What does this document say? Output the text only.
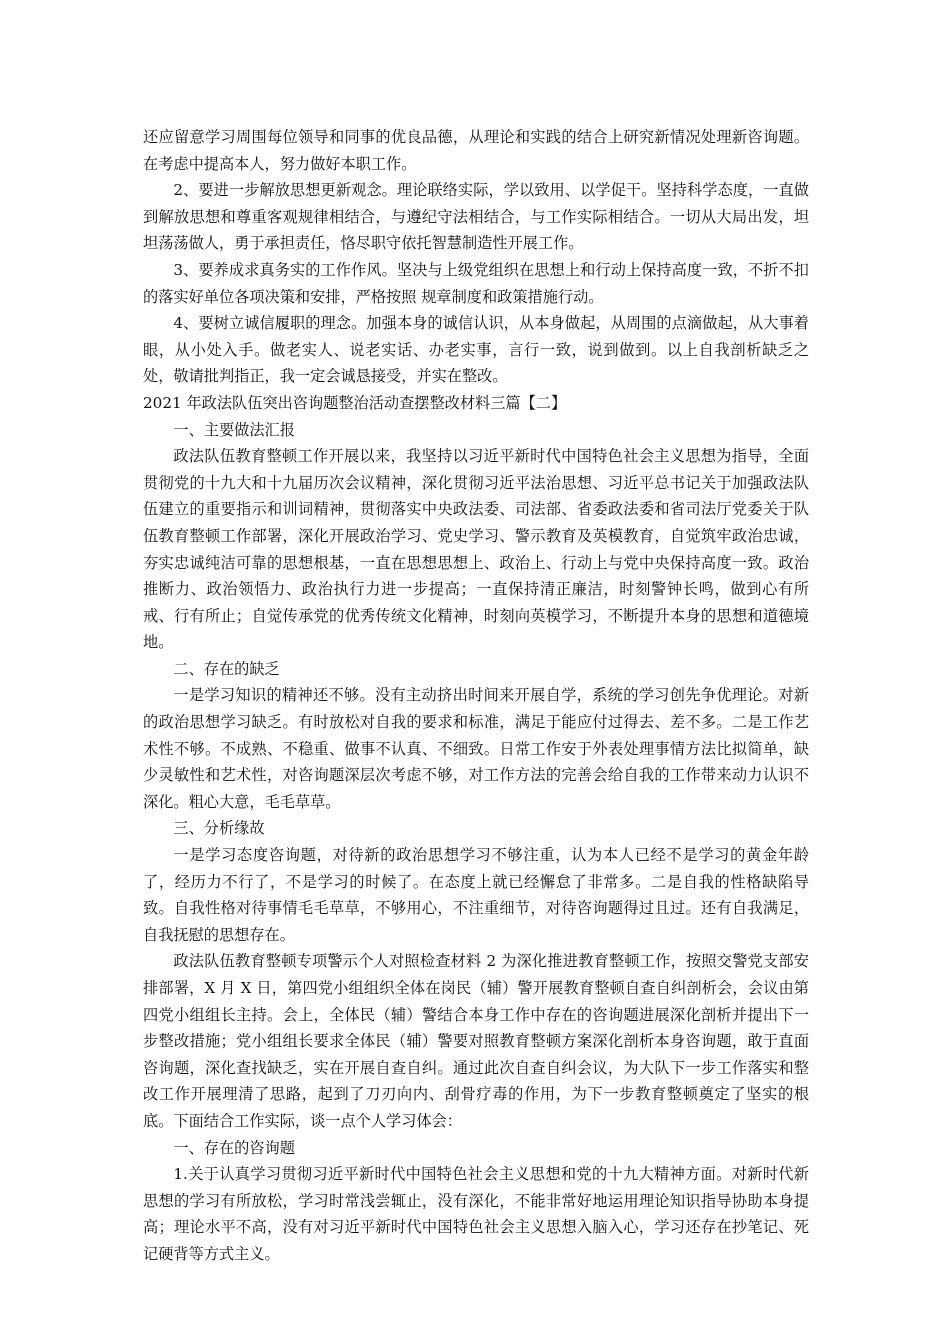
还应留意学习周围每位领导和同事的优良品德，从理论和实践的结合上研究新情况处理新咨询题。在考虑中提高本人，努力做好本职工作。

2、要进一步解放思想更新观念。理论联络实际，学以致用、以学促干。坚持科学态度，一直做到解放思想和尊重客观规律相结合，与遵纪守法相结合，与工作实际相结合。一切从大局出发，坦坦荡荡做人，勇于承担责任，恪尽职守依托智慧制造性开展工作。

3、要养成求真务实的工作作风。坚决与上级党组织在思想上和行动上保持高度一致，不折不扣的落实好单位各项决策和安排，严格按照 规章制度和政策措施行动。

4、要树立诚信履职的理念。加强本身的诚信认识，从本身做起，从周围的点滴做起，从大事着眼，从小处入手。做老实人、说老实话、办老实事，言行一致，说到做到。以上自我剖析缺乏之处，敬请批判指正，我一定会诚恳接受，并实在整改。

2021 年政法队伍突出咨询题整治活动查摆整改材料三篇【二】

一、主要做法汇报

政法队伍教育整顿工作开展以来，我坚持以习近平新时代中国特色社会主义思想为指导，全面贯彻党的十九大和十九届历次会议精神，深化贯彻习近平法治思想、习近平总书记关于加强政法队伍建立的重要指示和训词精神，贯彻落实中央政法委、司法部、省委政法委和省司法厅党委关于队伍教育整顿工作部署，深化开展政治学习、党史学习、警示教育及英模教育，自觉筑牢政治忠诚，夯实忠诚纯洁可靠的思想根基，一直在思想思想上、政治上、行动上与党中央保持高度一致。政治推断力、政治领悟力、政治执行力进一步提高；一直保持清正廉洁，时刻警钟长鸣，做到心有所戒、行有所止；自觉传承党的优秀传统文化精神，时刻向英模学习，不断提升本身的思想和道德境地。

二、存在的缺乏

一是学习知识的精神还不够。没有主动挤出时间来开展自学，系统的学习创先争优理论。对新的政治思想学习缺乏。有时放松对自我的要求和标准，满足于能应付过得去、差不多。二是工作艺术性不够。不成熟、不稳重、做事不认真、不细致。日常工作安于外表处理事情方法比拟简单，缺少灵敏性和艺术性，对咨询题深层次考虑不够，对工作方法的完善会给自我的工作带来动力认识不深化。粗心大意，毛毛草草。

三、分析缘故

一是学习态度咨询题，对待新的政治思想学习不够注重，认为本人已经不是学习的黄金年龄了，经历力不行了，不是学习的时候了。在态度上就已经懈怠了非常多。二是自我的性格缺陷导致。自我性格对待事情毛毛草草，不够用心，不注重细节，对待咨询题得过且过。还有自我满足，自我抚慰的思想存在。

政法队伍教育整顿专项警示个人对照检查材料 2 为深化推进教育整顿工作，按照交警党支部安排部署，X 月 X 日，第四党小组组织全体在岗民（辅）警开展教育整顿自查自纠剖析会，会议由第四党小组组长主持。会上，全体民（辅）警结合本身工作中存在的咨询题进展深化剖析并提出下一步整改措施；党小组组长要求全体民（辅）警要对照教育整顿方案深化剖析本身咨询题，敢于直面咨询题，深化查找缺乏，实在开展自查自纠。通过此次自查自纠会议，为大队下一步工作落实和整改工作开展理清了思路，起到了刀刃向内、刮骨疗毒的作用，为下一步教育整顿奠定了坚实的根底。下面结合工作实际，谈一点个人学习体会：

一、存在的咨询题

1.关于认真学习贯彻习近平新时代中国特色社会主义思想和党的十九大精神方面。对新时代新思想的学习有所放松，学习时常浅尝辄止，没有深化，不能非常好地运用理论知识指导协助本身提高；理论水平不高，没有对习近平新时代中国特色社会主义思想入脑入心，学习还存在抄笔记、死记硬背等方式主义。
